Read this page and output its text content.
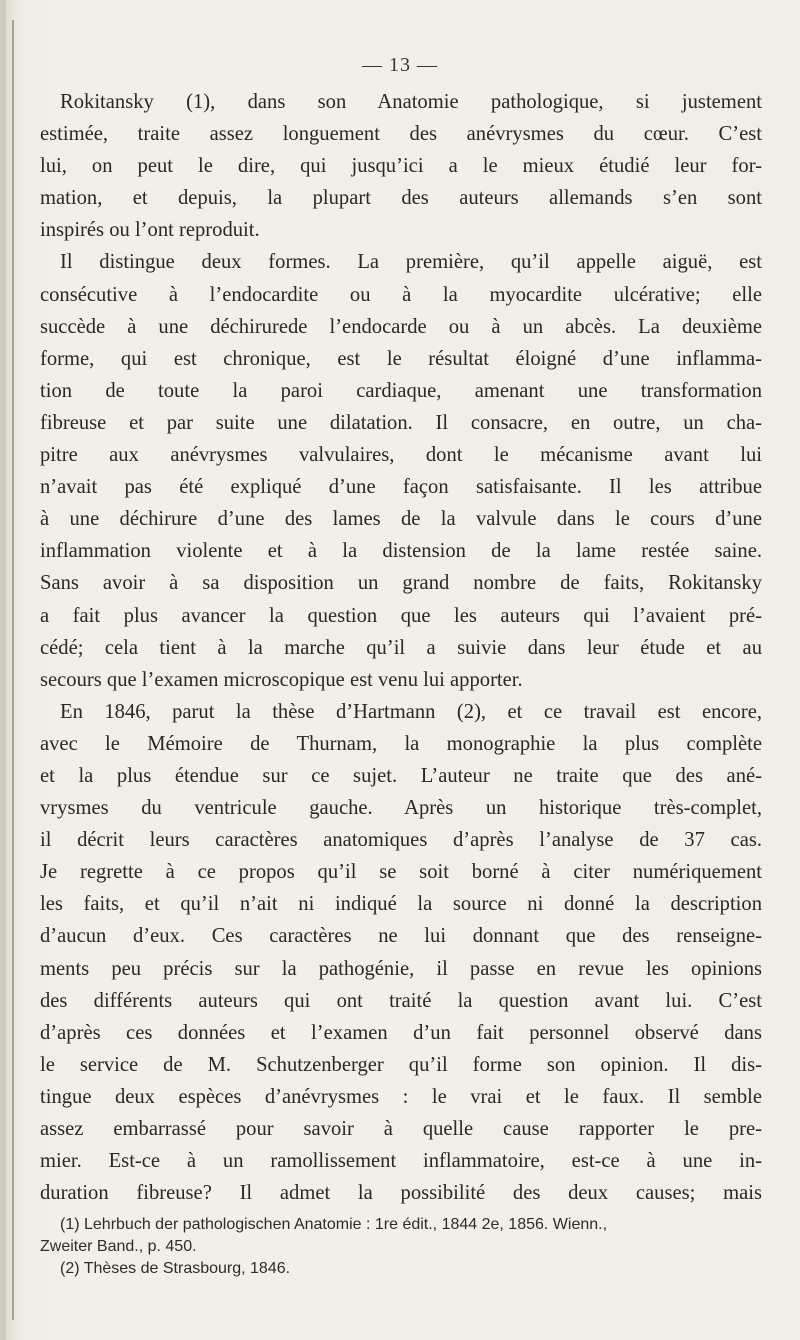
— 13 —
Rokitansky (1), dans son Anatomie pathologique, si justement
estimée, traite assez longuement des anévrysmes du cœur. C’est
lui, on peut le dire, qui jusqu’ici a le mieux étudié leur for-
mation, et depuis, la plupart des auteurs allemands s’en sont
inspirés ou l’ont reproduit.
Il distingue deux formes. La première, qu’il appelle aiguë, est
consécutive à l’endocardite ou à la myocardite ulcérative; elle
succède à une déchirurede l’endocarde ou à un abcès. La deuxième
forme, qui est chronique, est le résultat éloigné d’une inflamma-
tion de toute la paroi cardiaque, amenant une transformation
fibreuse et par suite une dilatation. Il consacre, en outre, un cha-
pitre aux anévrysmes valvulaires, dont le mécanisme avant lui
n’avait pas été expliqué d’une façon satisfaisante. Il les attribue
à une déchirure d’une des lames de la valvule dans le cours d’une
inflammation violente et à la distension de la lame restée saine.
Sans avoir à sa disposition un grand nombre de faits, Rokitansky
a fait plus avancer la question que les auteurs qui l’avaient pré-
cédé; cela tient à la marche qu’il a suivie dans leur étude et au
secours que l’examen microscopique est venu lui apporter.
En 1846, parut la thèse d’Hartmann (2), et ce travail est encore,
avec le Mémoire de Thurnam, la monographie la plus complète
et la plus étendue sur ce sujet. L’auteur ne traite que des ané-
vrysmes du ventricule gauche. Après un historique très-complet,
il décrit leurs caractères anatomiques d’après l’analyse de 37 cas.
Je regrette à ce propos qu’il se soit borné à citer numériquement
les faits, et qu’il n’ait ni indiqué la source ni donné la description
d’aucun d’eux. Ces caractères ne lui donnant que des renseigne-
ments peu précis sur la pathogénie, il passe en revue les opinions
des différents auteurs qui ont traité la question avant lui. C’est
d’après ces données et l’examen d’un fait personnel observé dans
le service de M. Schutzenberger qu’il forme son opinion. Il dis-
tingue deux espèces d’anévrysmes : le vrai et le faux. Il semble
assez embarrassé pour savoir à quelle cause rapporter le pre-
mier. Est-ce à un ramollissement inflammatoire, est-ce à une in-
duration fibreuse? Il admet la possibilité des deux causes; mais
(1) Lehrbuch der pathologischen Anatomie : 1re édit., 1844 2e, 1856. Wienn.,
Zweiter Band., p. 450.
(2) Thèses de Strasbourg, 1846.
